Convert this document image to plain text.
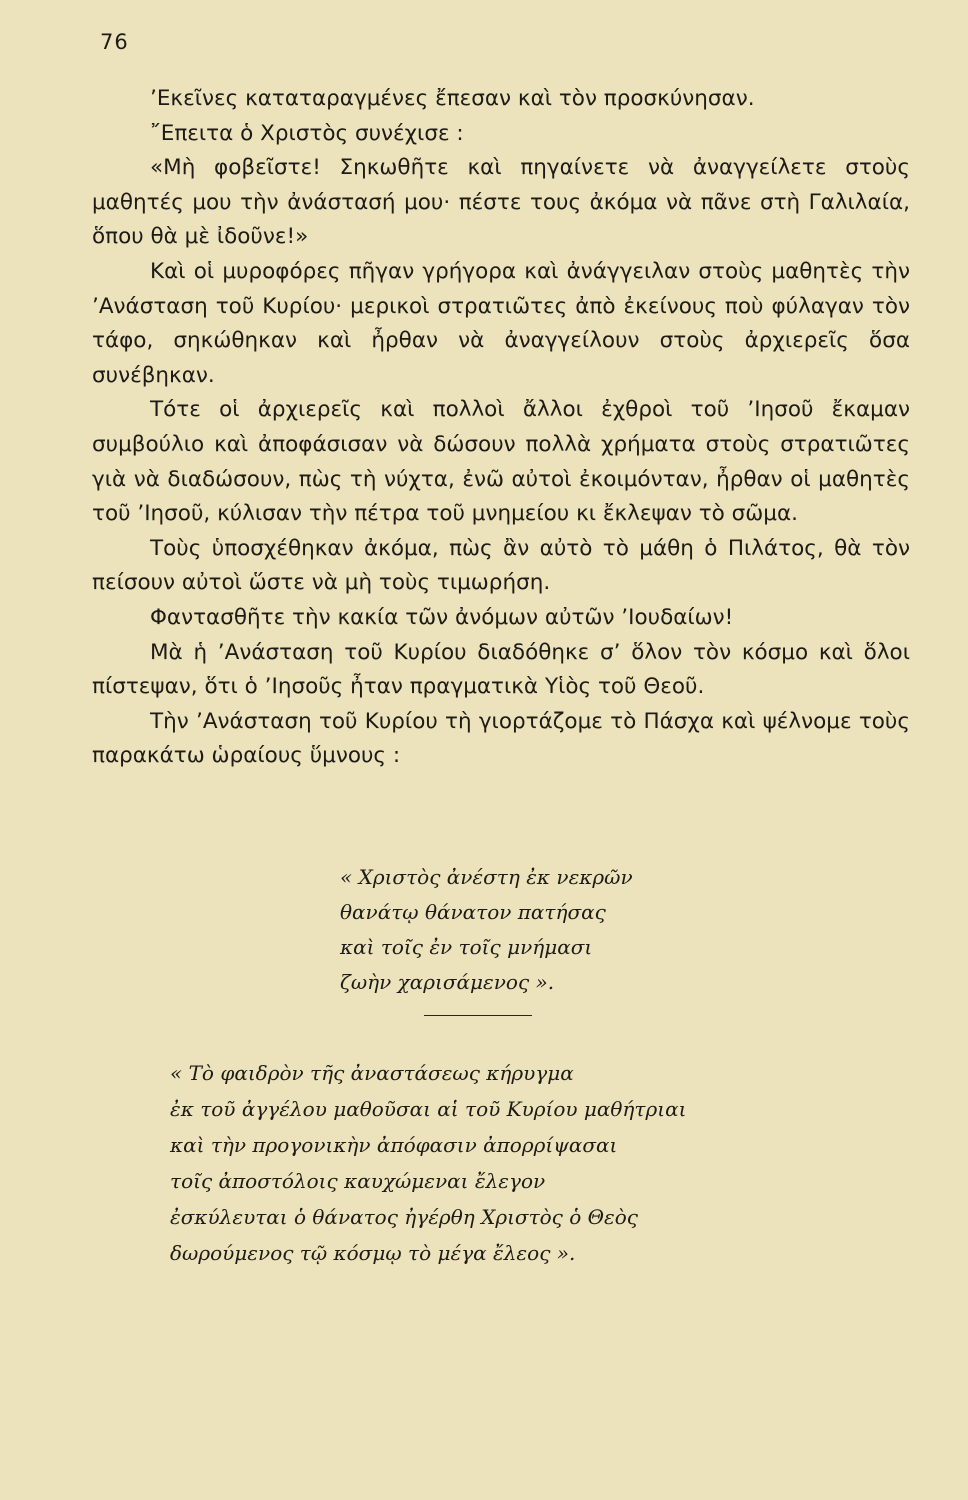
76

’Εκεῖνες καταταραγμένες ἔπεσαν καὶ τὸν προσκύνησαν.

῎Επειτα ὁ Χριστὸς συνέχισε :

«Μὴ φοβεῖστε! Σηκωθῆτε καὶ πηγαίνετε νὰ ἀναγγείλετε στοὺς μαθητές μου τὴν ἀνάστασή μου· πέστε τους ἀκόμα νὰ πᾶνε στὴ Γαλιλαία, ὅπου θὰ μὲ ἰδοῦνε!»

Καὶ οἱ μυροφόρες πῆγαν γρήγορα καὶ ἀνάγγειλαν στοὺς μαθητὲς τὴν ’Ανάσταση τοῦ Κυρίου· μερικοὶ στρατιῶτες ἀπὸ ἐκείνους ποὺ φύλαγαν τὸν τάφο, σηκώθηκαν καὶ ἦρθαν νὰ ἀναγγείλουν στοὺς ἀρχιερεῖς ὅσα συνέβηκαν.

Τότε οἱ ἀρχιερεῖς καὶ πολλοὶ ἄλλοι ἐχθροὶ τοῦ ’Ιησοῦ ἔκαμαν συμβούλιο καὶ ἀποφάσισαν νὰ δώσουν πολλὰ χρήματα στοὺς στρατιῶτες γιὰ νὰ διαδώσουν, πὼς τὴ νύχτα, ἐνῶ αὐτοὶ ἐκοιμόνταν, ἦρθαν οἱ μαθητὲς τοῦ ’Ιησοῦ, κύλισαν τὴν πέτρα τοῦ μνημείου κι ἔκλεψαν τὸ σῶμα.

Τοὺς ὑποσχέθηκαν ἀκόμα, πὼς ἂν αὐτὸ τὸ μάθη ὁ Πιλάτος, θὰ τὸν πείσουν αὐτοὶ ὥστε νὰ μὴ τοὺς τιμωρήση.

Φαντασθῆτε τὴν κακία τῶν ἀνόμων αὐτῶν ’Ιουδαίων!

Μὰ ἡ ’Ανάσταση τοῦ Κυρίου διαδόθηκε σ’ ὅλον τὸν κόσμο καὶ ὅλοι πίστεψαν, ὅτι ὁ ’Ιησοῦς ἦταν πραγματικὰ Υἱὸς τοῦ Θεοῦ.

Τὴν ’Ανάσταση τοῦ Κυρίου τὴ γιορτάζομε τὸ Πάσχα καὶ ψέλνομε τοὺς παρακάτω ὡραίους ὕμνους :

« Χριστὸς ἀνέστη ἐκ νεκρῶν
θανάτῳ θάνατον πατήσας
καὶ τοῖς ἐν τοῖς μνήμασι
ζωὴν χαρισάμενος ».
« Τὸ φαιδρὸν τῆς ἀναστάσεως κήρυγμα
ἐκ τοῦ ἀγγέλου μαθοῦσαι αἱ τοῦ Κυρίου μαθήτριαι
καὶ τὴν προγονικὴν ἀπόφασιν ἀπορρίψασαι
τοῖς ἀποστόλοις καυχώμεναι ἔλεγον
ἐσκύλευται ὁ θάνατος ἠγέρθη Χριστὸς ὁ Θεὸς
δωρούμενος τῷ κόσμῳ τὸ μέγα ἔλεος ».
